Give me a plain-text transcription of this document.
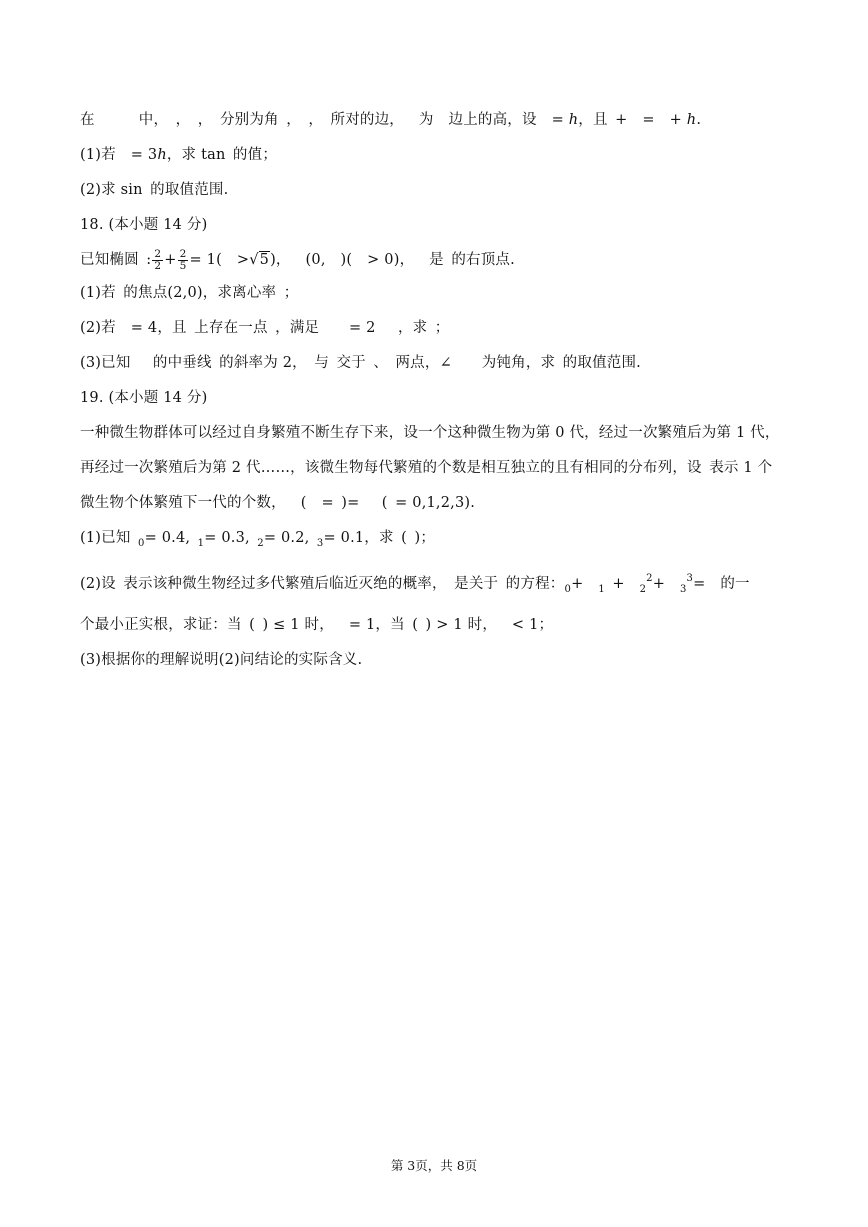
在　　　中， ， ， 分别为角 ， ， 所对的边，　 为  边上的高，设  = ℎ，且 +  =  + ℎ.

(1)若  = 3ℎ，求 tan 的值；

(2)求 sin 的取值范围.

18. (本小题 14 分)

已知椭圆 : $\frac{2}{2} + \frac{2}{5} = 1$(  >√5)，  (0,  )(  > 0)，  是 的右顶点.

(1)若 的焦点(2,0)，求离心率 ；

(2)若  = 4，且 上存在一点 ，满足    = 2   ，求 ；

(3)已知   的中垂线 的斜率为 2， 与 交于 、 两点，∠    为钝角，求 的取值范围.

19. (本小题 14 分)

一种微生物群体可以经过自身繁殖不断生存下来，设一个这种微生物为第 0 代，经过一次繁殖后为第 1 代，

再经过一次繁殖后为第 2 代……，该微生物每代繁殖的个数是相互独立的且有相同的分布列，设 表示 1 个

微生物个体繁殖下一代的个数，  (  = )=   ( = 0,1,2,3).

(1)已知 $_0$= 0.4, $_1$= 0.3, $_2$= 0.2, $_3$= 0.1，求 ( )；

(2)设 表示该种微生物经过多代繁殖后临近灭绝的概率， 是关于 的方程：$_0$+  $_1$ +  $_2^2$+  $_3^3$=  的一

个最小正实根，求证：当 ( ) ≤ 1 时，  = 1，当 ( ) > 1 时，  < 1；

(3)根据你的理解说明(2)问结论的实际含义.

第 3页，共 8页
